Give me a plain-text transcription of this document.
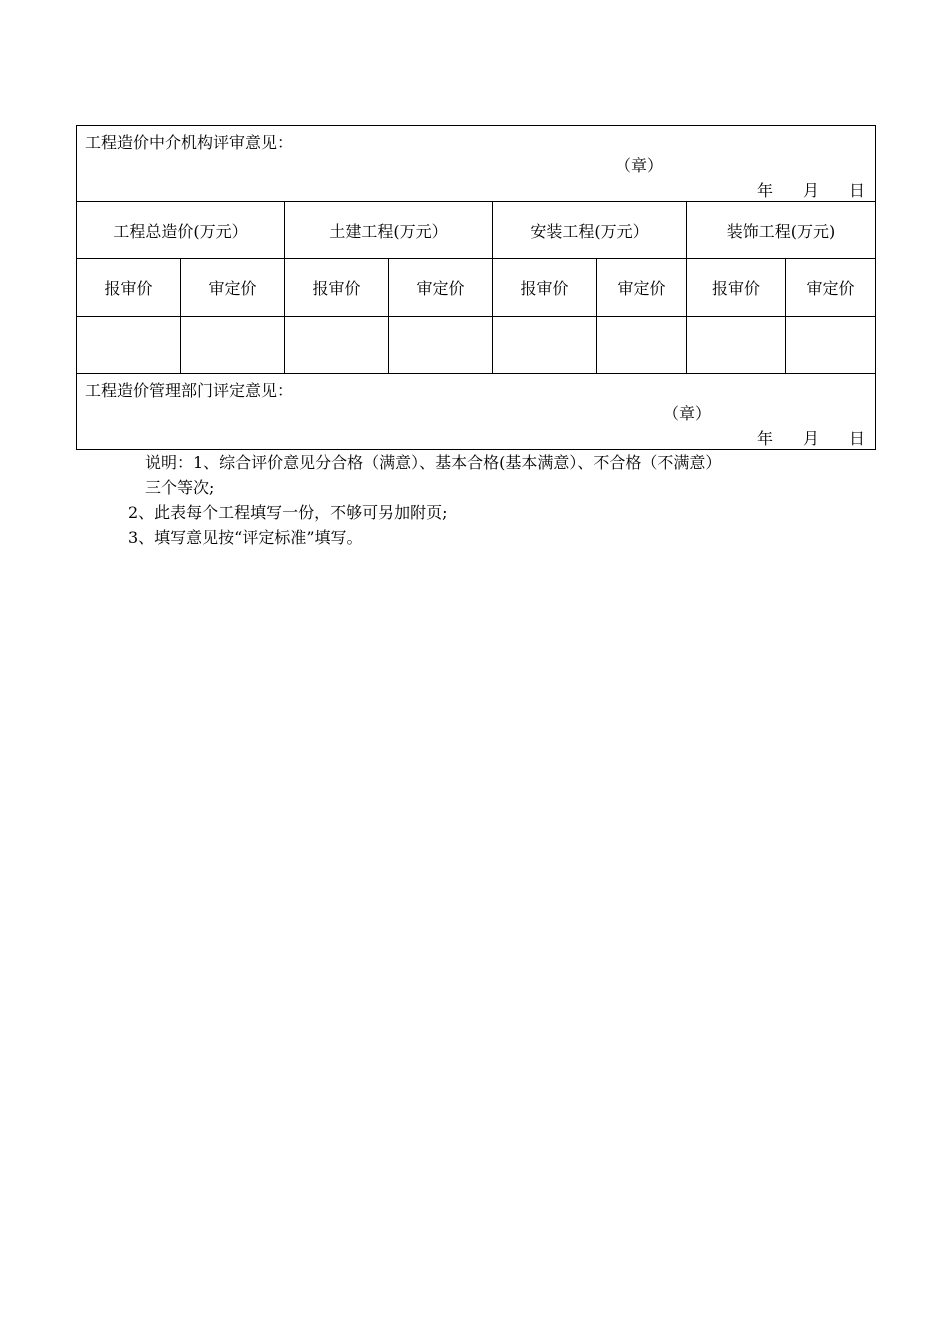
工程造价中介机构评审意见：
（章）
年 月 日							

工程总造价(万元）		土建工程(万元）		安装工程(万元）		装饰工程(万元)	
报审价	审定价	报审价	审定价	报审价	审定价	报审价	审定价

工程造价管理部门评定意见：
（章）
年 月 日							
说明：1、综合评价意见分合格（满意）、基本合格(基本满意）、不合格（不满意）
三个等次;
2、此表每个工程填写一份，不够可另加附页;
3、填写意见按“评定标准”填写。
